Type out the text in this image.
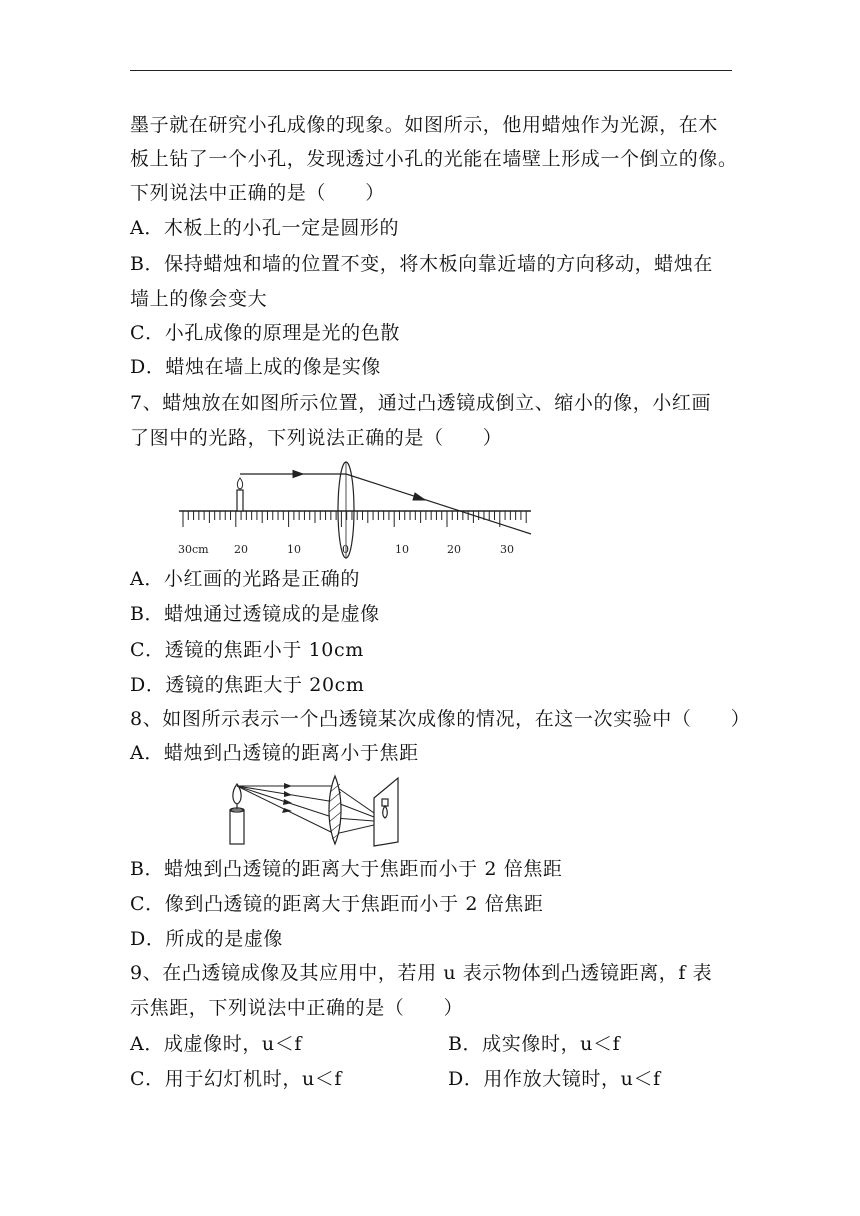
墨子就在研究小孔成像的现象。如图所示，他用蜡烛作为光源，在木
板上钻了一个小孔，发现透过小孔的光能在墙壁上形成一个倒立的像。
下列说法中正确的是（　　）
A．木板上的小孔一定是圆形的
B．保持蜡烛和墙的位置不变，将木板向靠近墙的方向移动，蜡烛在
墙上的像会变大
C．小孔成像的原理是光的色散
D．蜡烛在墙上成的像是实像
7、蜡烛放在如图所示位置，通过凸透镜成倒立、缩小的像，小红画
了图中的光路，下列说法正确的是（　　）
30cm 20	10	0	10	20	30
A．小红画的光路是正确的
B．蜡烛通过透镜成的是虚像
C．透镜的焦距小于 10cm
D．透镜的焦距大于 20cm
8、如图所示表示一个凸透镜某次成像的情况，在这一次实验中（　　）
A．蜡烛到凸透镜的距离小于焦距
B．蜡烛到凸透镜的距离大于焦距而小于 2 倍焦距
C．像到凸透镜的距离大于焦距而小于 2 倍焦距
D．所成的是虚像
9、在凸透镜成像及其应用中，若用 u 表示物体到凸透镜距离，f 表
示焦距，下列说法中正确的是（　　）
A．成虚像时，u＜f	B．成实像时，u＜f
C．用于幻灯机时，u＜f	D．用作放大镜时，u＜f
